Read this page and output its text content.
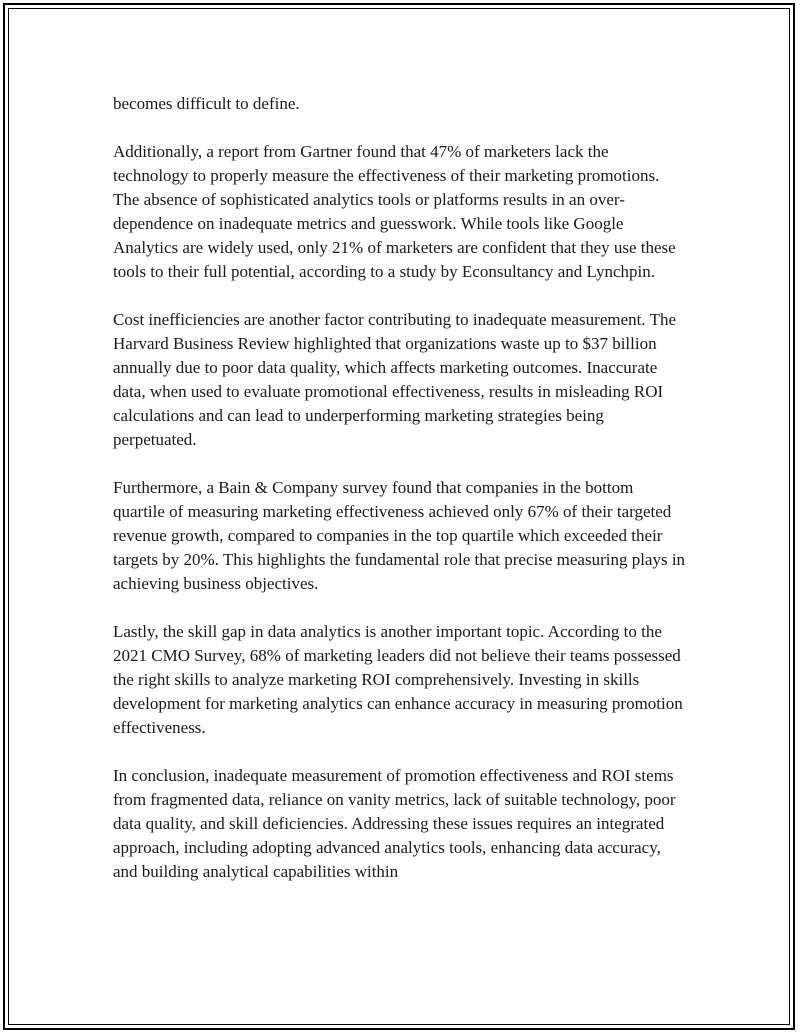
becomes difficult to define.

Additionally, a report from Gartner found that 47% of marketers lack the technology to properly measure the effectiveness of their marketing promotions. The absence of sophisticated analytics tools or platforms results in an over-dependence on inadequate metrics and guesswork. While tools like Google Analytics are widely used, only 21% of marketers are confident that they use these tools to their full potential, according to a study by Econsultancy and Lynchpin.

Cost inefficiencies are another factor contributing to inadequate measurement. The Harvard Business Review highlighted that organizations waste up to $37 billion annually due to poor data quality, which affects marketing outcomes. Inaccurate data, when used to evaluate promotional effectiveness, results in misleading ROI calculations and can lead to underperforming marketing strategies being perpetuated.

Furthermore, a Bain & Company survey found that companies in the bottom quartile of measuring marketing effectiveness achieved only 67% of their targeted revenue growth, compared to companies in the top quartile which exceeded their targets by 20%. This highlights the fundamental role that precise measuring plays in achieving business objectives.

Lastly, the skill gap in data analytics is another important topic. According to the 2021 CMO Survey, 68% of marketing leaders did not believe their teams possessed the right skills to analyze marketing ROI comprehensively. Investing in skills development for marketing analytics can enhance accuracy in measuring promotion effectiveness.

In conclusion, inadequate measurement of promotion effectiveness and ROI stems from fragmented data, reliance on vanity metrics, lack of suitable technology, poor data quality, and skill deficiencies. Addressing these issues requires an integrated approach, including adopting advanced analytics tools, enhancing data accuracy, and building analytical capabilities within
